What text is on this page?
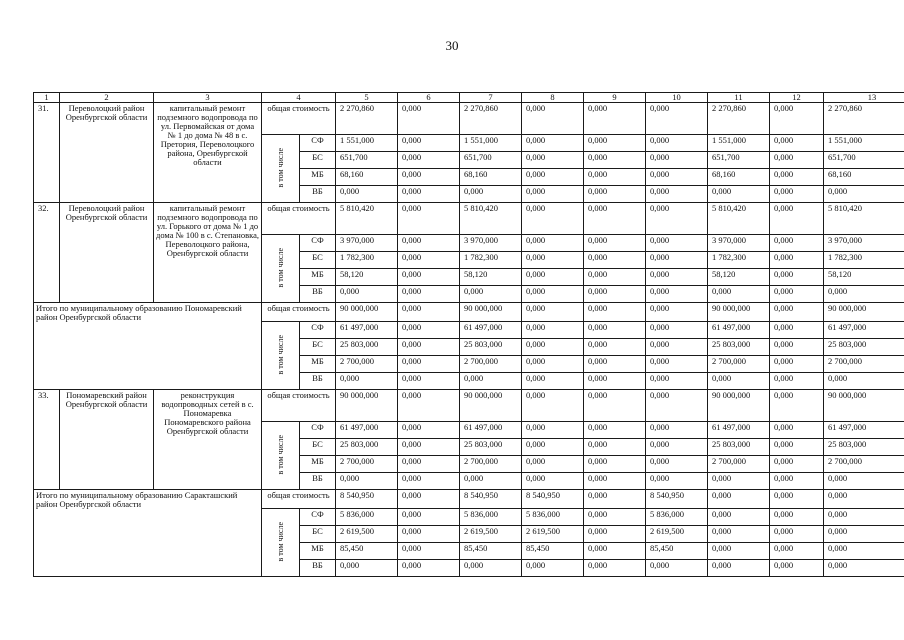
30
1	2	3	4		5	6	7	8	9	10	11	12	13
31.	Переволоцкий район Оренбургской области	капитальный ремонт подземного водопровода по ул. Первомайская от дома № 1 до дома № 48 в с. Претория, Переволоцкого района, Оренбургской области	общая стоимость		2 270,860	0,000	2 270,860	0,000	0,000	0,000	2 270,860	0,000	2 270,860
			в том числе	СФ	1 551,000	0,000	1 551,000	0,000	0,000	0,000	1 551,000	0,000	1 551,000
				БС	651,700	0,000	651,700	0,000	0,000	0,000	651,700	0,000	651,700
				МБ	68,160	0,000	68,160	0,000	0,000	0,000	68,160	0,000	68,160
				ВБ	0,000	0,000	0,000	0,000	0,000	0,000	0,000	0,000	0,000
32.	Переволоцкий район Оренбургской области	капитальный ремонт подземного водопровода по ул. Горького от дома № 1 до дома № 100 в с. Степановка, Переволоцкого района, Оренбургской области	общая стоимость		5 810,420	0,000	5 810,420	0,000	0,000	0,000	5 810,420	0,000	5 810,420
			в том числе	СФ	3 970,000	0,000	3 970,000	0,000	0,000	0,000	3 970,000	0,000	3 970,000
				БС	1 782,300	0,000	1 782,300	0,000	0,000	0,000	1 782,300	0,000	1 782,300
				МБ	58,120	0,000	58,120	0,000	0,000	0,000	58,120	0,000	58,120
				ВБ	0,000	0,000	0,000	0,000	0,000	0,000	0,000	0,000	0,000
Итого по муниципальному образованию Пономаревский район Оренбургской области			общая стоимость		90 000,000	0,000	90 000,000	0,000	0,000	0,000	90 000,000	0,000	90 000,000
			в том числе	СФ	61 497,000	0,000	61 497,000	0,000	0,000	0,000	61 497,000	0,000	61 497,000
				БС	25 803,000	0,000	25 803,000	0,000	0,000	0,000	25 803,000	0,000	25 803,000
				МБ	2 700,000	0,000	2 700,000	0,000	0,000	0,000	2 700,000	0,000	2 700,000
				ВБ	0,000	0,000	0,000	0,000	0,000	0,000	0,000	0,000	0,000
33.	Пономаревский район Оренбургской области	реконструкция водопроводных сетей в с. Пономаревка Пономаревского района Оренбургской области	общая стоимость		90 000,000	0,000	90 000,000	0,000	0,000	0,000	90 000,000	0,000	90 000,000
			в том числе	СФ	61 497,000	0,000	61 497,000	0,000	0,000	0,000	61 497,000	0,000	61 497,000
				БС	25 803,000	0,000	25 803,000	0,000	0,000	0,000	25 803,000	0,000	25 803,000
				МБ	2 700,000	0,000	2 700,000	0,000	0,000	0,000	2 700,000	0,000	2 700,000
				ВБ	0,000	0,000	0,000	0,000	0,000	0,000	0,000	0,000	0,000
Итого по муниципальному образованию Саракташский район Оренбургской области			общая стоимость		8 540,950	0,000	8 540,950	8 540,950	0,000	8 540,950	0,000	0,000	0,000
			в том числе	СФ	5 836,000	0,000	5 836,000	5 836,000	0,000	5 836,000	0,000	0,000	0,000
				БС	2 619,500	0,000	2 619,500	2 619,500	0,000	2 619,500	0,000	0,000	0,000
				МБ	85,450	0,000	85,450	85,450	0,000	85,450	0,000	0,000	0,000
				ВБ	0,000	0,000	0,000	0,000	0,000	0,000	0,000	0,000	0,000
